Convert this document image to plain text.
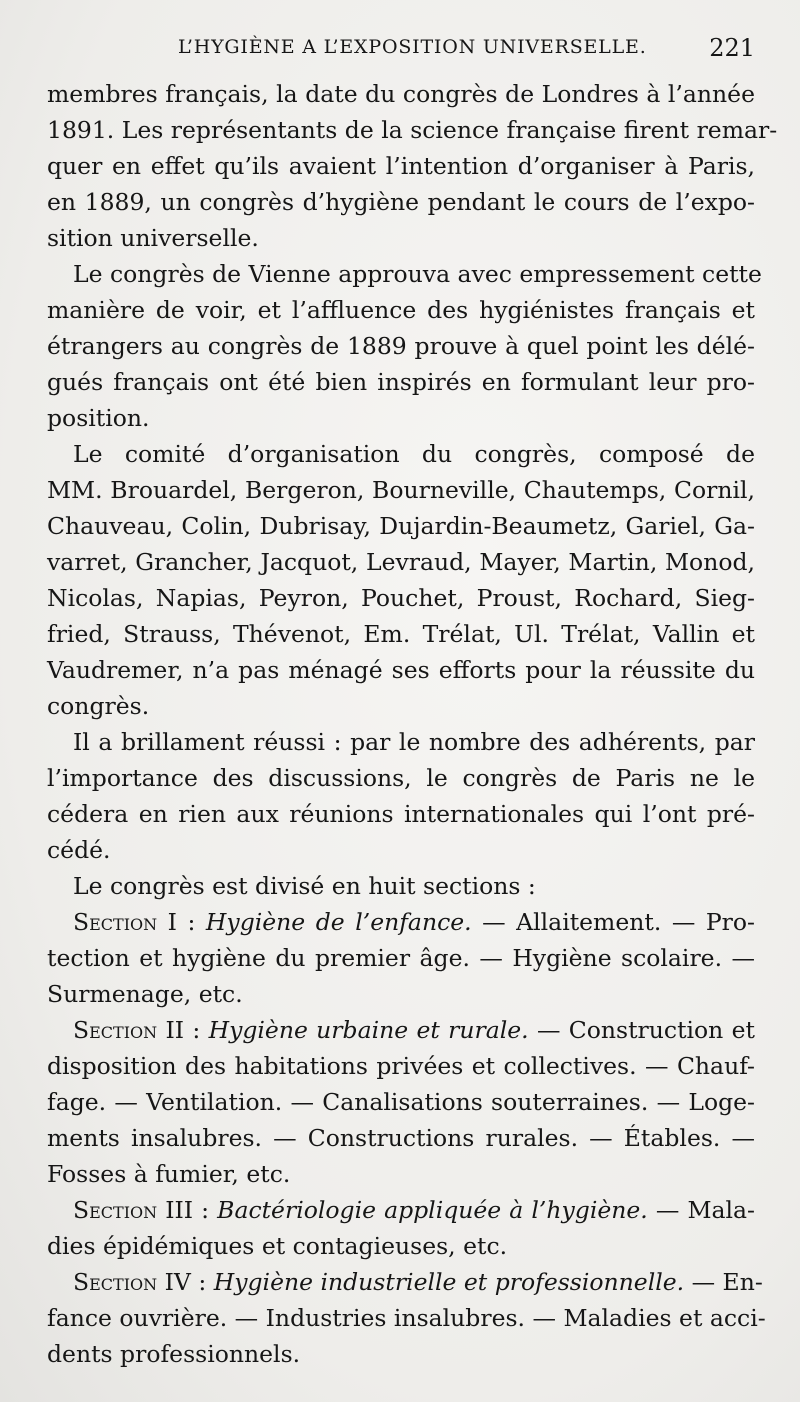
L’HYGIÈNE A L’EXPOSITION UNIVERSELLE.	221
membres français, la date du congrès de Londres à l’année
1891. Les représentants de la science française firent remar-
quer en effet qu’ils avaient l’intention d’organiser à Paris,
en 1889, un congrès d’hygiène pendant le cours de l’expo-
sition universelle.
Le congrès de Vienne approuva avec empressement cette
manière de voir, et l’affluence des hygiénistes français et
étrangers au congrès de 1889 prouve à quel point les délé-
gués français ont été bien inspirés en formulant leur pro-
position.
Le comité d’organisation du congrès, composé de
MM. Brouardel, Bergeron, Bourneville, Chautemps, Cornil,
Chauveau, Colin, Dubrisay, Dujardin-Beaumetz, Gariel, Ga-
varret, Grancher, Jacquot, Levraud, Mayer, Martin, Monod,
Nicolas, Napias, Peyron, Pouchet, Proust, Rochard, Sieg-
fried, Strauss, Thévenot, Em. Trélat, Ul. Trélat, Vallin et
Vaudremer, n’a pas ménagé ses efforts pour la réussite du
congrès.
Il a brillament réussi : par le nombre des adhérents, par
l’importance des discussions, le congrès de Paris ne le
cédera en rien aux réunions internationales qui l’ont pré-
cédé.
Le congrès est divisé en huit sections :
Section I : Hygiène de l’enfance. — Allaitement. — Pro-
tection et hygiène du premier âge. — Hygiène scolaire. —
Surmenage, etc.
Section II : Hygiène urbaine et rurale. — Construction et
disposition des habitations privées et collectives. — Chauf-
fage. — Ventilation. — Canalisations souterraines. — Loge-
ments insalubres. — Constructions rurales. — Étables. —
Fosses à fumier, etc.
Section III : Bactériologie appliquée à l’hygiène. — Mala-
dies épidémiques et contagieuses, etc.
Section IV : Hygiène industrielle et professionnelle. — En-
fance ouvrière. — Industries insalubres. — Maladies et acci-
dents professionnels.
